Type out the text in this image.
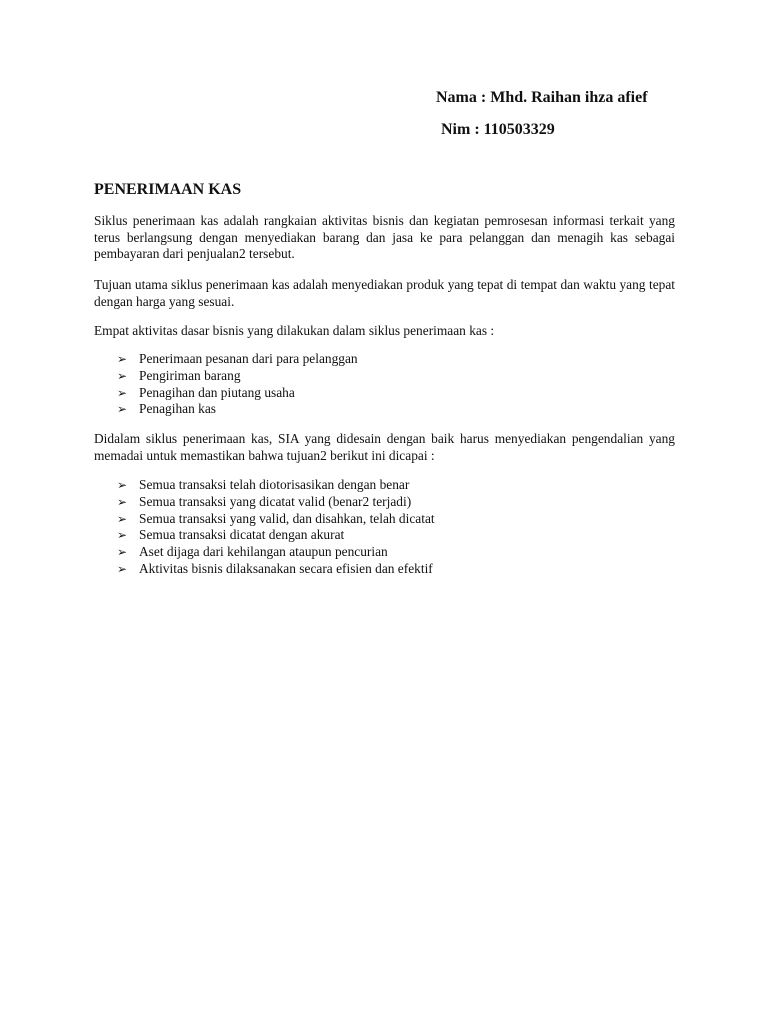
Nama : Mhd. Raihan ihza afief
Nim : 110503329
PENERIMAAN KAS

Siklus penerimaan kas adalah rangkaian aktivitas bisnis dan kegiatan pemrosesan informasi terkait yang terus berlangsung dengan menyediakan barang dan jasa ke para pelanggan dan menagih kas sebagai pembayaran dari penjualan2 tersebut.

Tujuan utama siklus penerimaan kas adalah menyediakan produk yang tepat di tempat dan waktu yang tepat dengan harga yang sesuai.

Empat aktivitas dasar bisnis yang dilakukan dalam siklus penerimaan kas :

➢ Penerimaan pesanan dari para pelanggan
➢ Pengiriman barang
➢ Penagihan dan piutang usaha
➢ Penagihan kas

Didalam siklus penerimaan kas, SIA yang didesain dengan baik harus menyediakan pengendalian yang memadai untuk memastikan bahwa tujuan2 berikut ini dicapai :

➢ Semua transaksi telah diotorisasikan dengan benar
➢ Semua transaksi yang dicatat valid (benar2 terjadi)
➢ Semua transaksi yang valid, dan disahkan, telah dicatat
➢ Semua transaksi dicatat dengan akurat
➢ Aset dijaga dari kehilangan ataupun pencurian
➢ Aktivitas bisnis dilaksanakan secara efisien dan efektif
